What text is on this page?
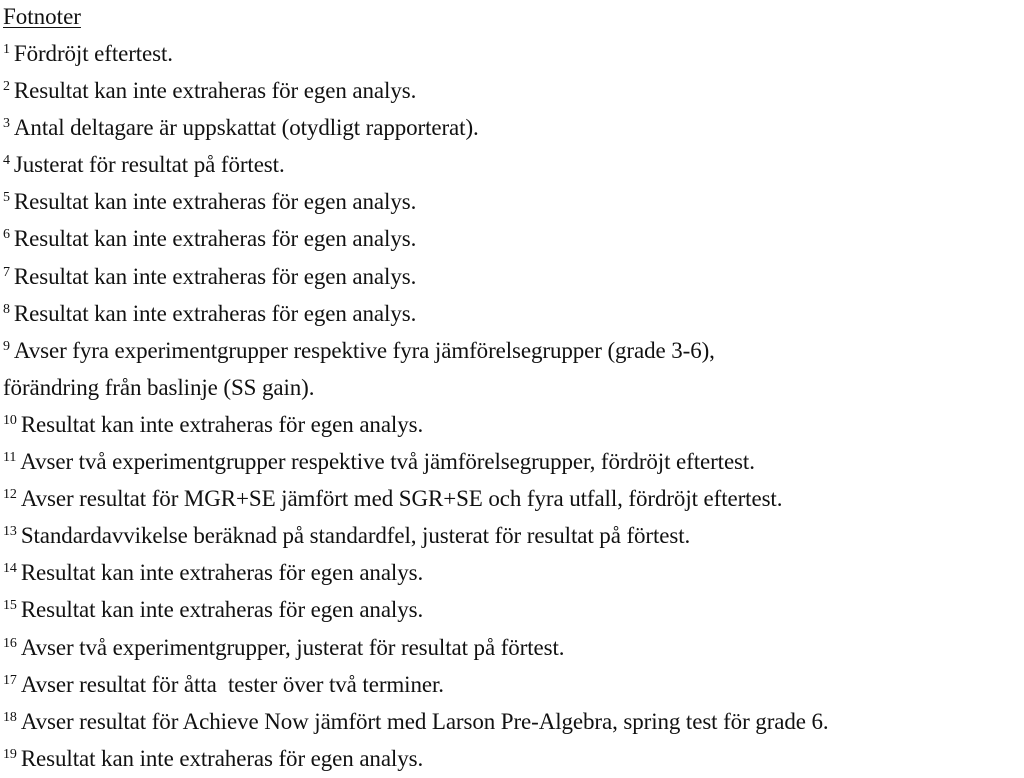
Fotnoter
$^1$ Fördröjt eftertest.
$^2$ Resultat kan inte extraheras för egen analys.
$^3$ Antal deltagare är uppskattat (otydligt rapporterat).
$^4$ Justerat för resultat på förtest.
$^5$ Resultat kan inte extraheras för egen analys.
$^6$ Resultat kan inte extraheras för egen analys.
$^7$ Resultat kan inte extraheras för egen analys.
$^8$ Resultat kan inte extraheras för egen analys.
$^9$ Avser fyra experimentgrupper respektive fyra jämförelsegrupper (grade 3-6),
förändring från baslinje (SS gain).
$^{10}$ Resultat kan inte extraheras för egen analys.
$^{11}$ Avser två experimentgrupper respektive två jämförelsegrupper, fördröjt eftertest.
$^{12}$ Avser resultat för MGR+SE jämfört med SGR+SE och fyra utfall, fördröjt eftertest.
$^{13}$ Standardavvikelse beräknad på standardfel, justerat för resultat på förtest.
$^{14}$ Resultat kan inte extraheras för egen analys.
$^{15}$ Resultat kan inte extraheras för egen analys.
$^{16}$ Avser två experimentgrupper, justerat för resultat på förtest.
$^{17}$ Avser resultat för åtta  tester över två terminer.
$^{18}$ Avser resultat för Achieve Now jämfört med Larson Pre-Algebra, spring test för grade 6.
$^{19}$ Resultat kan inte extraheras för egen analys.
